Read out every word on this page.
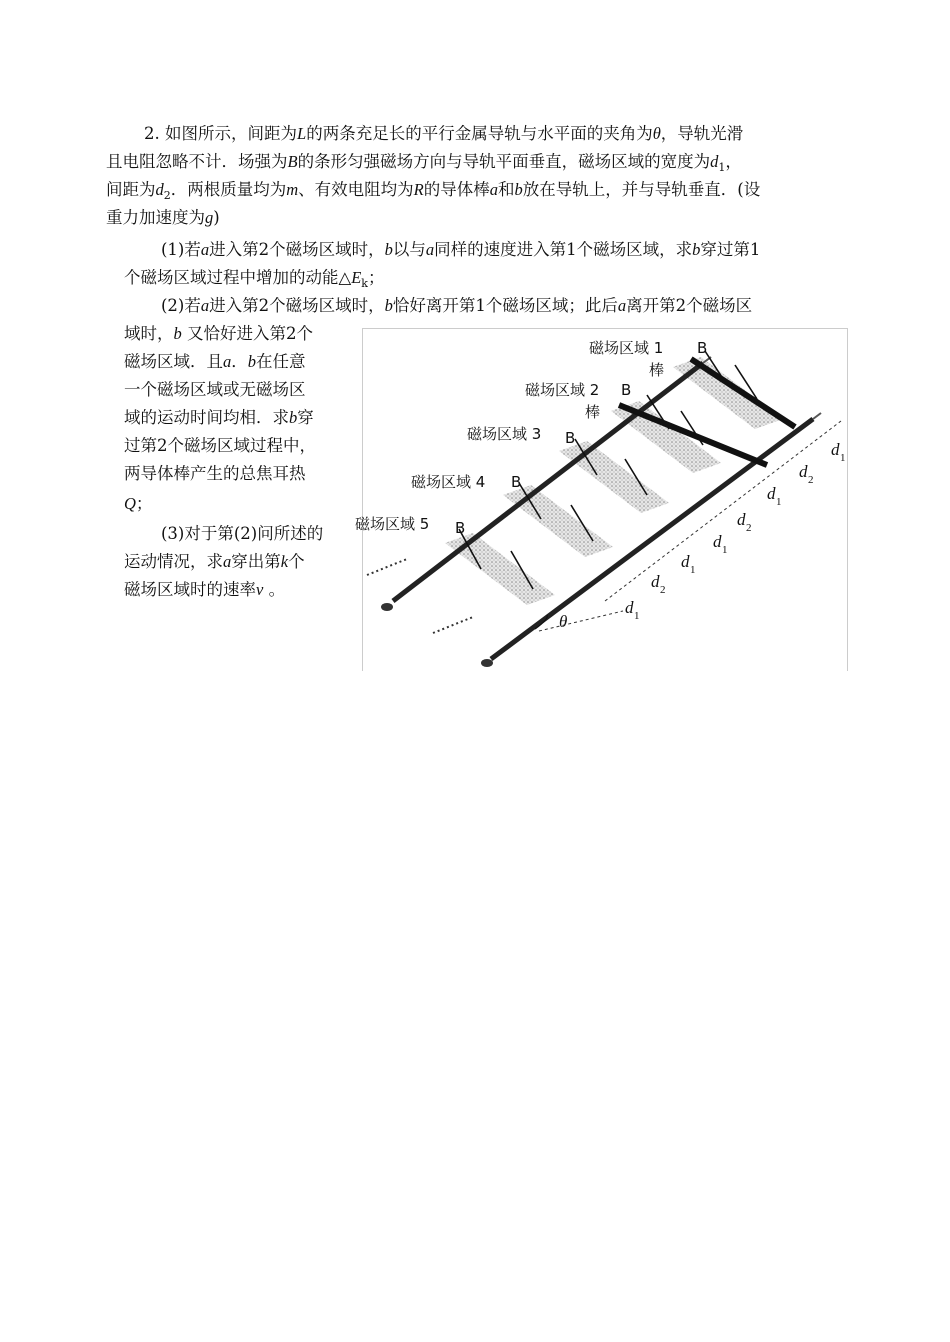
2. 如图所示，间距为L的两条充足长的平行金属导轨与水平面的夹角为θ，导轨光滑
且电阻忽略不计．场强为B的条形匀强磁场方向与导轨平面垂直，磁场区域的宽度为$d_1$，
间距为$d_2$．两根质量均为m、有效电阻均为R的导体棒a和b放在导轨上，并与导轨垂直．(设
重力加速度为g)
(1)若a进入第2个磁场区域时，b以与a同样的速度进入第1个磁场区域，求b穿过第1
个磁场区域过程中增加的动能$\triangle E_k$；
(2)若a进入第2个磁场区域时，b恰好离开第1个磁场区域；此后a离开第2个磁场区
域时，b 又恰好进入第2个
磁场区域．且a．b在任意
一个磁场区域或无磁场区
域的运动时间均相．求b穿
过第2个磁场区域过程中，
两导体棒产生的总焦耳热
Q；
(3)对于第(2)问所述的
运动情况，求a穿出第k个
磁场区域时的速率v 。
磁场区域 1 B
棒
磁场区域 2 B
棒
磁场区域 3 B
磁场区域 4 B
磁场区域 5 B
d 1
d 2
d 1
d 2
d 1
d 1
d 2
d 1
θ
